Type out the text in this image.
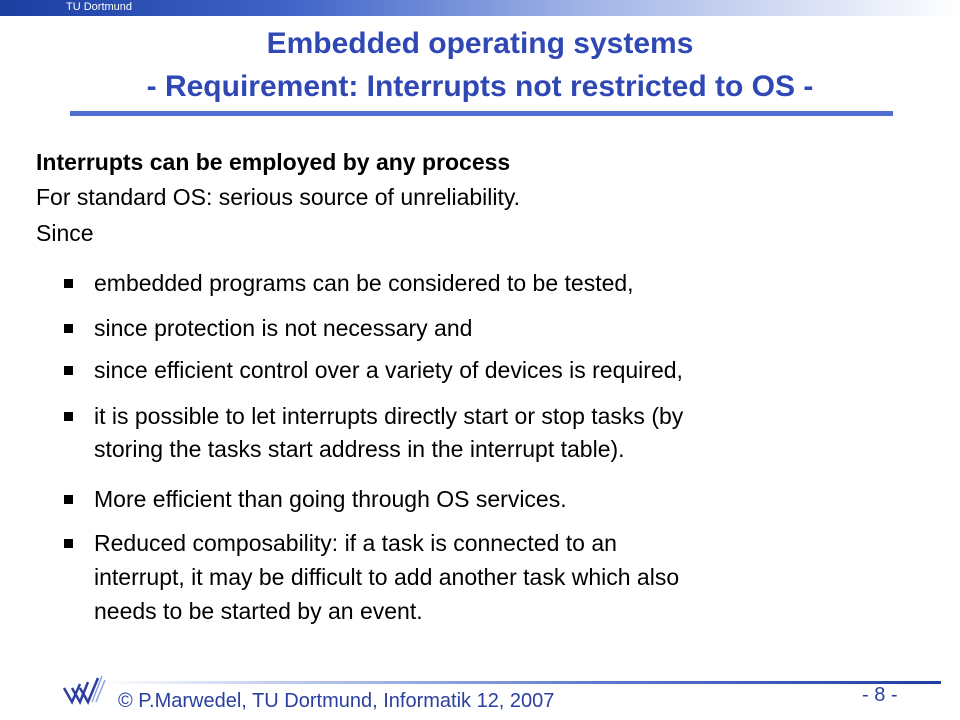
TU Dortmund
Embedded operating systems
- Requirement: Interrupts not restricted to OS -
Interrupts can be employed by any process
For standard OS: serious source of unreliability.
Since
embedded programs can be considered to be tested,
since protection is not necessary and
since efficient control over a variety of devices is required,
it is possible to let interrupts directly start or stop tasks (by
storing the tasks start address in the interrupt table).
More efficient than going through OS services.
Reduced composability: if a task is connected to an
interrupt, it may be difficult to add another task which also
needs to be started by an event.
© P.Marwedel, TU Dortmund, Informatik 12, 2007	- 8 -
